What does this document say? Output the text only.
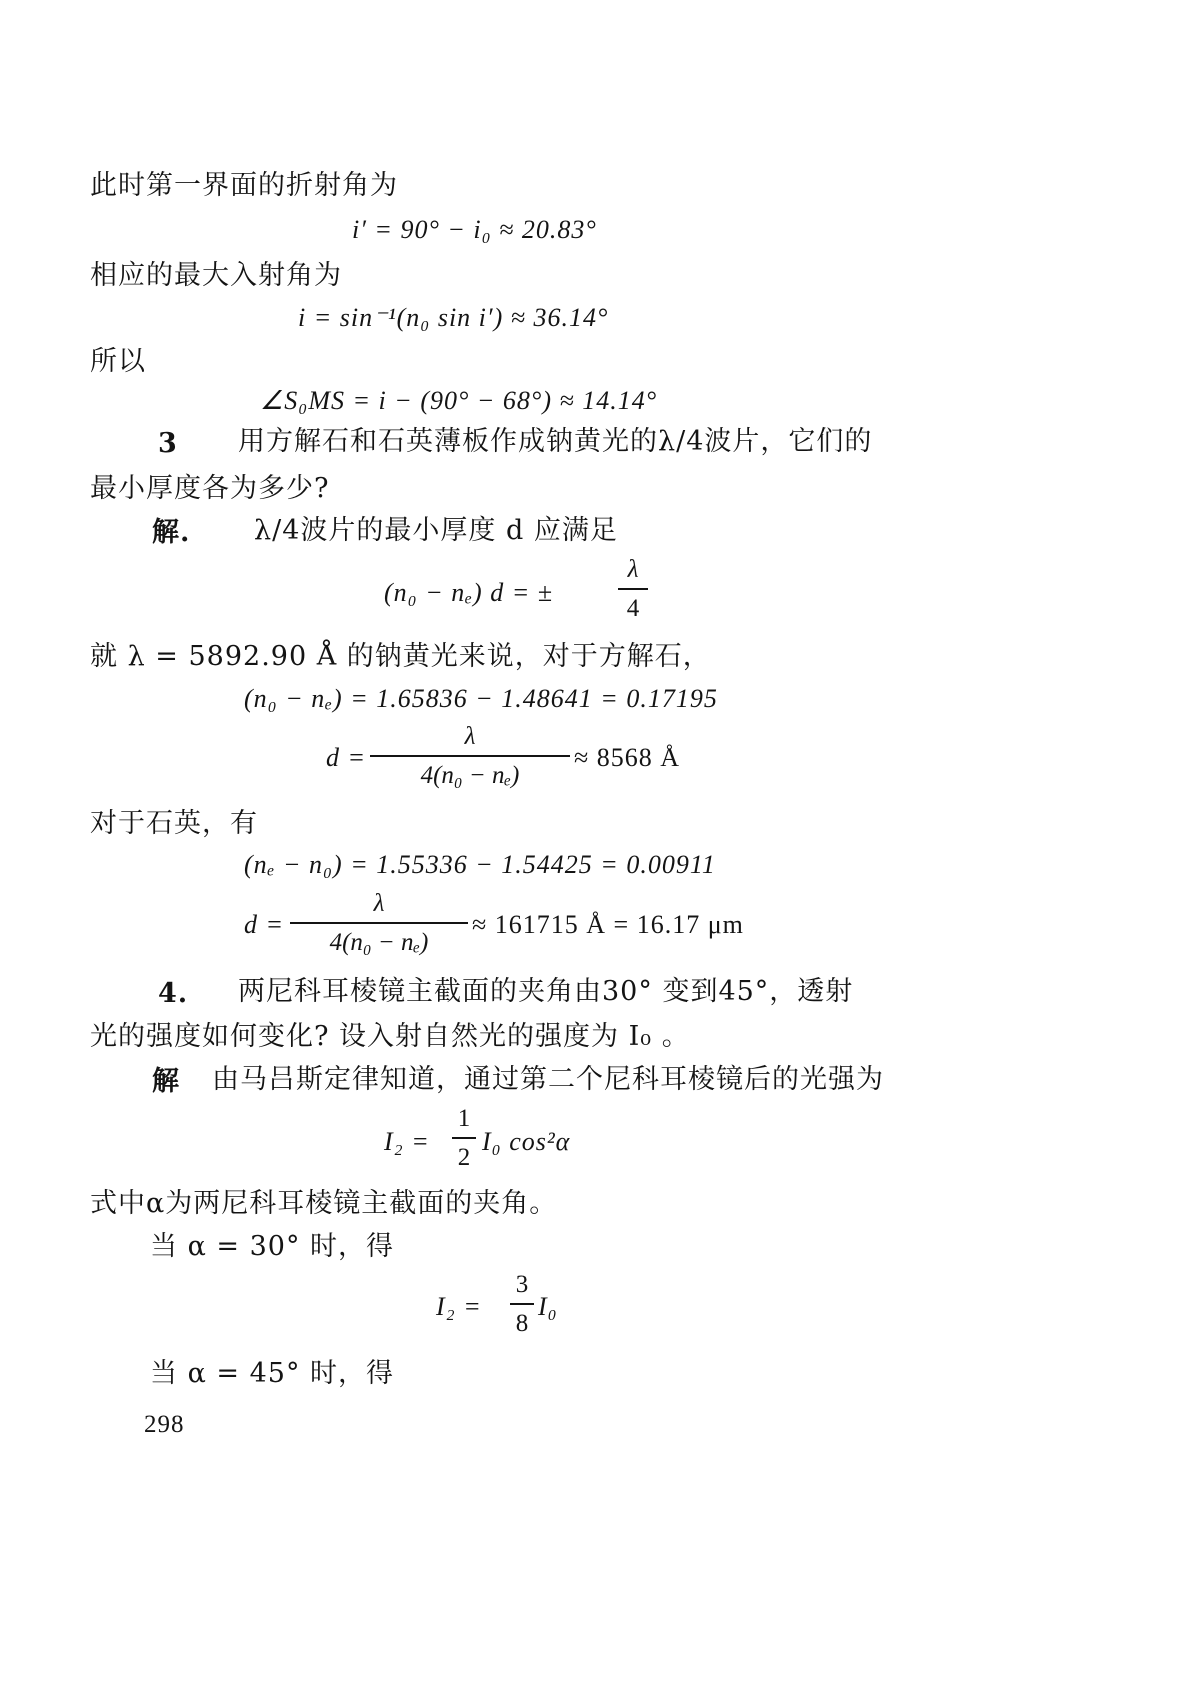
此时第一界面的折射角为
i′ = 90° − i₀ ≈ 20.83°
相应的最大入射角为
i = sin⁻¹(n₀ sin i′) ≈ 36.14°
所以
∠S₀MS = i − (90° − 68°) ≈ 14.14°
3 用方解石和石英薄板作成钠黄光的λ/4波片，它们的
最小厚度各为多少?
解. λ/4波片的最小厚度 d 应满足
(n₀ − nₑ) d = ±
λ
4
就 λ = 5892.90 Å 的钠黄光来说，对于方解石，
(n₀ − nₑ) = 1.65836 − 1.48641 = 0.17195
d =
λ
4(n₀ − nₑ)
≈ 8568 Å
对于石英，有
(nₑ − n₀) = 1.55336 − 1.54425 = 0.00911
d =
λ
4(n₀ − nₑ)
≈ 161715 Å = 16.17 μm
4. 两尼科耳棱镜主截面的夹角由30° 变到45°，透射
光的强度如何变化? 设入射自然光的强度为 I₀ 。
解 由马吕斯定律知道，通过第二个尼科耳棱镜后的光强为
I₂ =
1
2
I₀ cos²α
式中α为两尼科耳棱镜主截面的夹角。
当 α = 30° 时，得
I₂ =
3
8
I₀
当 α = 45° 时，得
298
